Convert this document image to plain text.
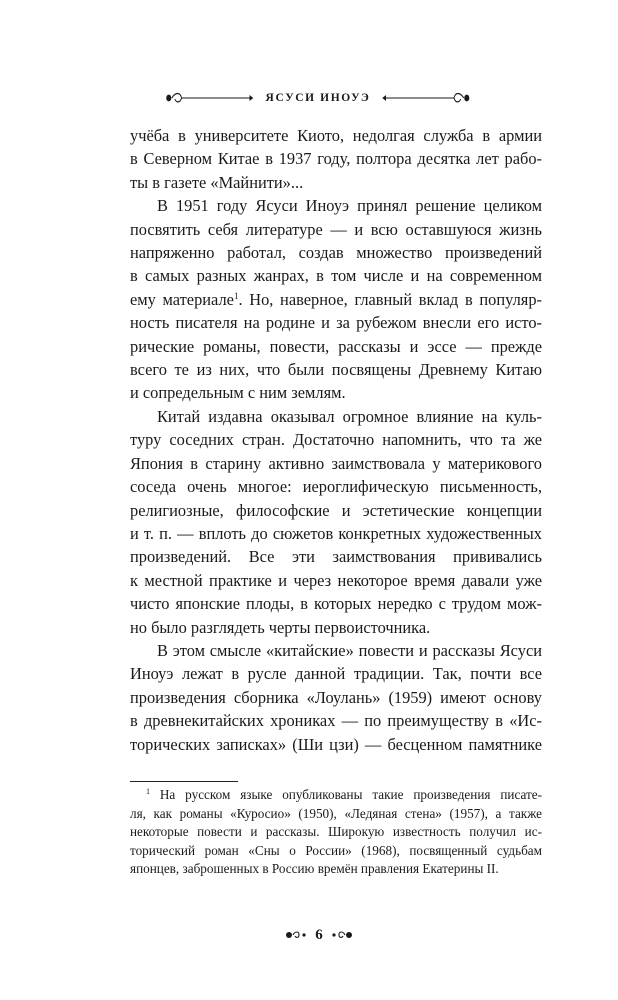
ЯСУСИ ИНОУЭ

учёба в университете Киото, недолгая служба в армии
в Северном Китае в 1937 году, полтора десятка лет рабо-
ты в газете «Майнити»...

В 1951 году Ясуси Иноуэ принял решение целиком
посвятить себя литературе — и всю оставшуюся жизнь
напряженно работал, создав множество произведений
в самых разных жанрах, в том числе и на современном
ему материале$^1$. Но, наверное, главный вклад в популяр-
ность писателя на родине и за рубежом внесли его исто-
рические романы, повести, рассказы и эссе — прежде
всего те из них, что были посвящены Древнему Китаю
и сопредельным с ним землям.

Китай издавна оказывал огромное влияние на куль-
туру соседних стран. Достаточно напомнить, что та же
Япония в старину активно заимствовала у материкового
соседа очень многое: иероглифическую письменность,
религиозные, философские и эстетические концепции
и т. п. — вплоть до сюжетов конкретных художественных
произведений. Все эти заимствования прививались
к местной практике и через некоторое время давали уже
чисто японские плоды, в которых нередко с трудом мож-
но было разглядеть черты первоисточника.

В этом смысле «китайские» повести и рассказы Ясуси
Иноуэ лежат в русле данной традиции. Так, почти все
произведения сборника «Лоулань» (1959) имеют основу
в древнекитайских хрониках — по преимуществу в «Ис-
торических записках» (Ши цзи) — бесценном памятнике

$^1$ На русском языке опубликованы такие произведения писате-
ля, как романы «Куросио» (1950), «Ледяная стена» (1957), а также
некоторые повести и рассказы. Широкую известность получил ис-
торический роман «Сны о России» (1968), посвященный судьбам
японцев, заброшенных в Россию времён правления Екатерины II.
6
